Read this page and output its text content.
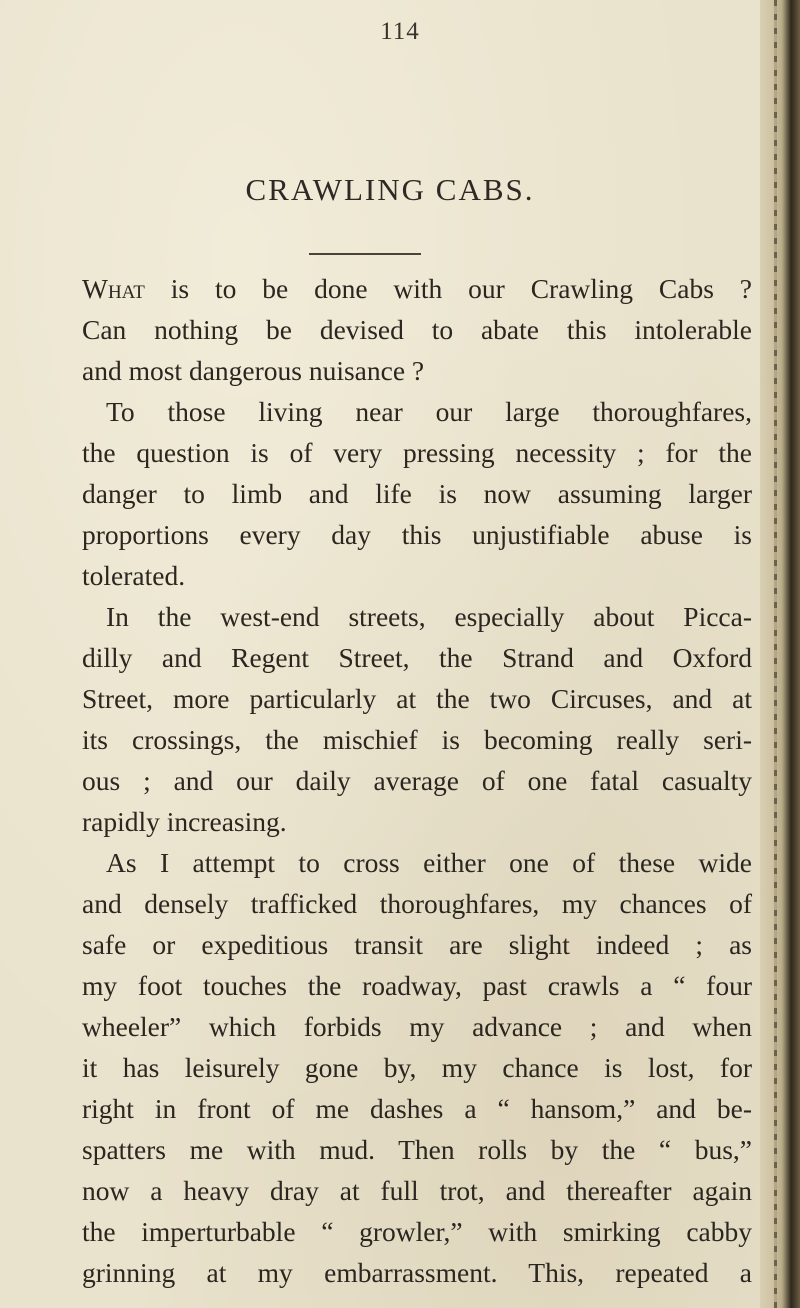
114
CRAWLING CABS.
What is to be done with our Crawling Cabs ?
Can nothing be devised to abate this intolerable
and most dangerous nuisance ?
To those living near our large thoroughfares,
the question is of very pressing necessity ; for the
danger to limb and life is now assuming larger
proportions every day this unjustifiable abuse is
tolerated.
In the west-end streets, especially about Picca-
dilly and Regent Street, the Strand and Oxford
Street, more particularly at the two Circuses, and at
its crossings, the mischief is becoming really seri-
ous ; and our daily average of one fatal casualty
rapidly increasing.
As I attempt to cross either one of these wide
and densely trafficked thoroughfares, my chances of
safe or expeditious transit are slight indeed ; as
my foot touches the roadway, past crawls a “ four
wheeler” which forbids my advance ; and when
it has leisurely gone by, my chance is lost, for
right in front of me dashes a “ hansom,” and be-
spatters me with mud. Then rolls by the “ bus,”
now a heavy dray at full trot, and thereafter again
the imperturbable “ growler,” with smirking cabby
grinning at my embarrassment. This, repeated a
